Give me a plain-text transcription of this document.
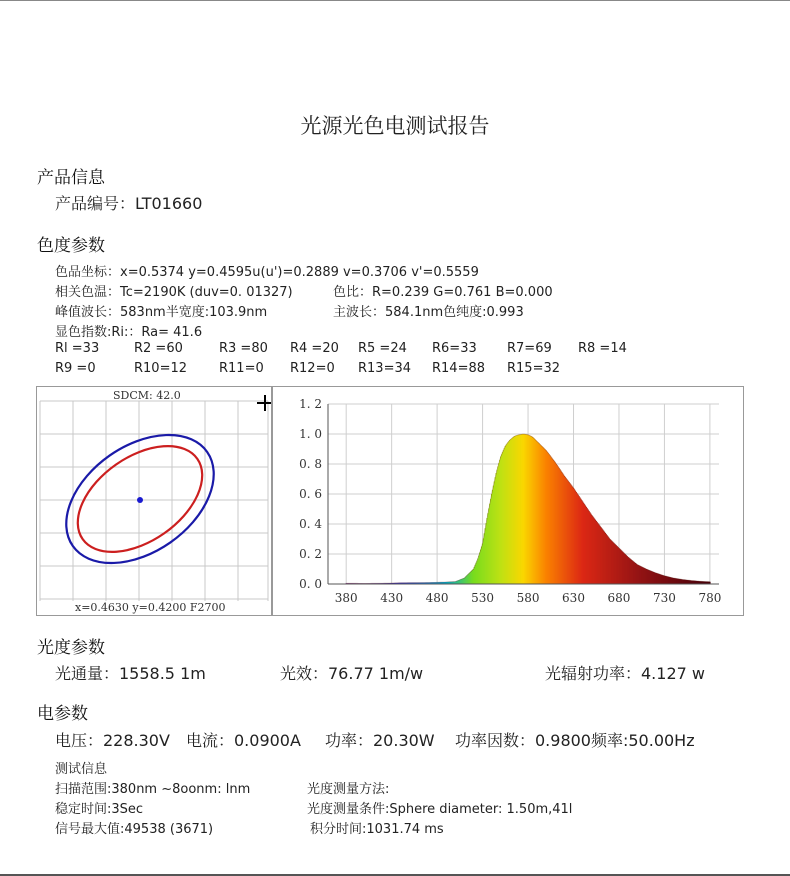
光源光色电测试报告
产品信息
产品编号：LT01660
色度参数
色品坐标：x=0.5374 y=0.4595u(u')=0.2889 v=0.3706 v'=0.5559
相关色温：Tc=2190K (duv=0. 01327)	色比：R=0.239 G=0.761 B=0.000
峰值波长：583nm半宽度:103.9nm	主波长：584.1nm色纯度:0.993
显色指数:Ri:：Ra= 41.6
Rl =33	R2 =60	R3 =80 R4 =20 R5 =24 R6=33 R7=69 R8 =14
R9 =0	R10=12 R11=0 R12=0 R13=34 R14=88 R15=32
SDCM: 42.0
x=0.4630 y=0.4200 F2700
380 430 480 530 580 630 680 730 780
0. 0
0. 2
0. 4
0. 6
0. 8
1. 0
1. 2
光度参数
光通量：1558.5 1m	光效：76.77 1m/w	光辐射功率：4.127 w
电参数
电压：228.30V 电流：0.0900A 功率：20.30W 功率因数：0.9800频率:50.00Hz
测试信息
扫描范围:380nm ~8oonm: lnm	光度测量方法:
稳定时间:3Sec	光度测量条件:Sphere diameter: 1.50m,41l
信号最大值:49538 (3671)	积分时间:1031.74 ms
